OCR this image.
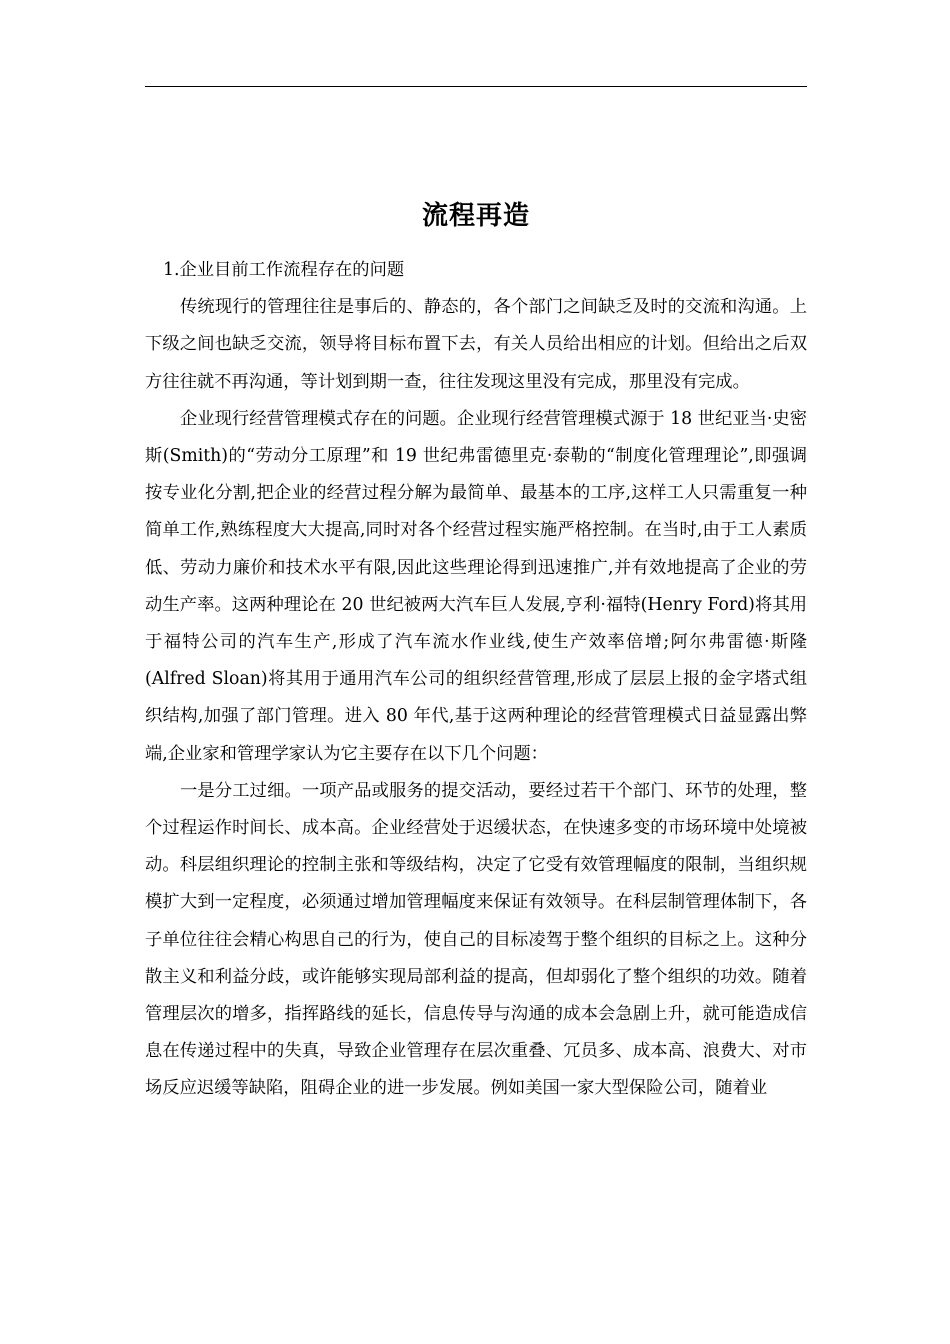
流程再造

1.企业目前工作流程存在的问题

传统现行的管理往往是事后的、静态的，各个部门之间缺乏及时的交流和沟通。上下级之间也缺乏交流，领导将目标布置下去，有关人员给出相应的计划。但给出之后双方往往就不再沟通，等计划到期一查，往往发现这里没有完成，那里没有完成。

企业现行经营管理模式存在的问题。企业现行经营管理模式源于 18 世纪亚当·史密斯(Smith)的“劳动分工原理”和 19 世纪弗雷德里克·泰勒的“制度化管理理论”,即强调按专业化分割,把企业的经营过程分解为最简单、最基本的工序,这样工人只需重复一种简单工作,熟练程度大大提高,同时对各个经营过程实施严格控制。在当时,由于工人素质低、劳动力廉价和技术水平有限,因此这些理论得到迅速推广,并有效地提高了企业的劳动生产率。这两种理论在 20 世纪被两大汽车巨人发展,亨利·福特(Henry Ford)将其用于福特公司的汽车生产,形成了汽车流水作业线,使生产效率倍增;阿尔弗雷德·斯隆(Alfred Sloan)将其用于通用汽车公司的组织经营管理,形成了层层上报的金字塔式组织结构,加强了部门管理。进入 80 年代,基于这两种理论的经营管理模式日益显露出弊端,企业家和管理学家认为它主要存在以下几个问题：

一是分工过细。一项产品或服务的提交活动，要经过若干个部门、环节的处理，整个过程运作时间长、成本高。企业经营处于迟缓状态，在快速多变的市场环境中处境被动。科层组织理论的控制主张和等级结构，决定了它受有效管理幅度的限制，当组织规模扩大到一定程度，必须通过增加管理幅度来保证有效领导。在科层制管理体制下，各子单位往往会精心构思自己的行为，使自己的目标凌驾于整个组织的目标之上。这种分散主义和利益分歧，或许能够实现局部利益的提高，但却弱化了整个组织的功效。随着管理层次的增多，指挥路线的延长，信息传导与沟通的成本会急剧上升，就可能造成信息在传递过程中的失真，导致企业管理存在层次重叠、冗员多、成本高、浪费大、对市场反应迟缓等缺陷，阻碍企业的进一步发展。例如美国一家大型保险公司，随着业
